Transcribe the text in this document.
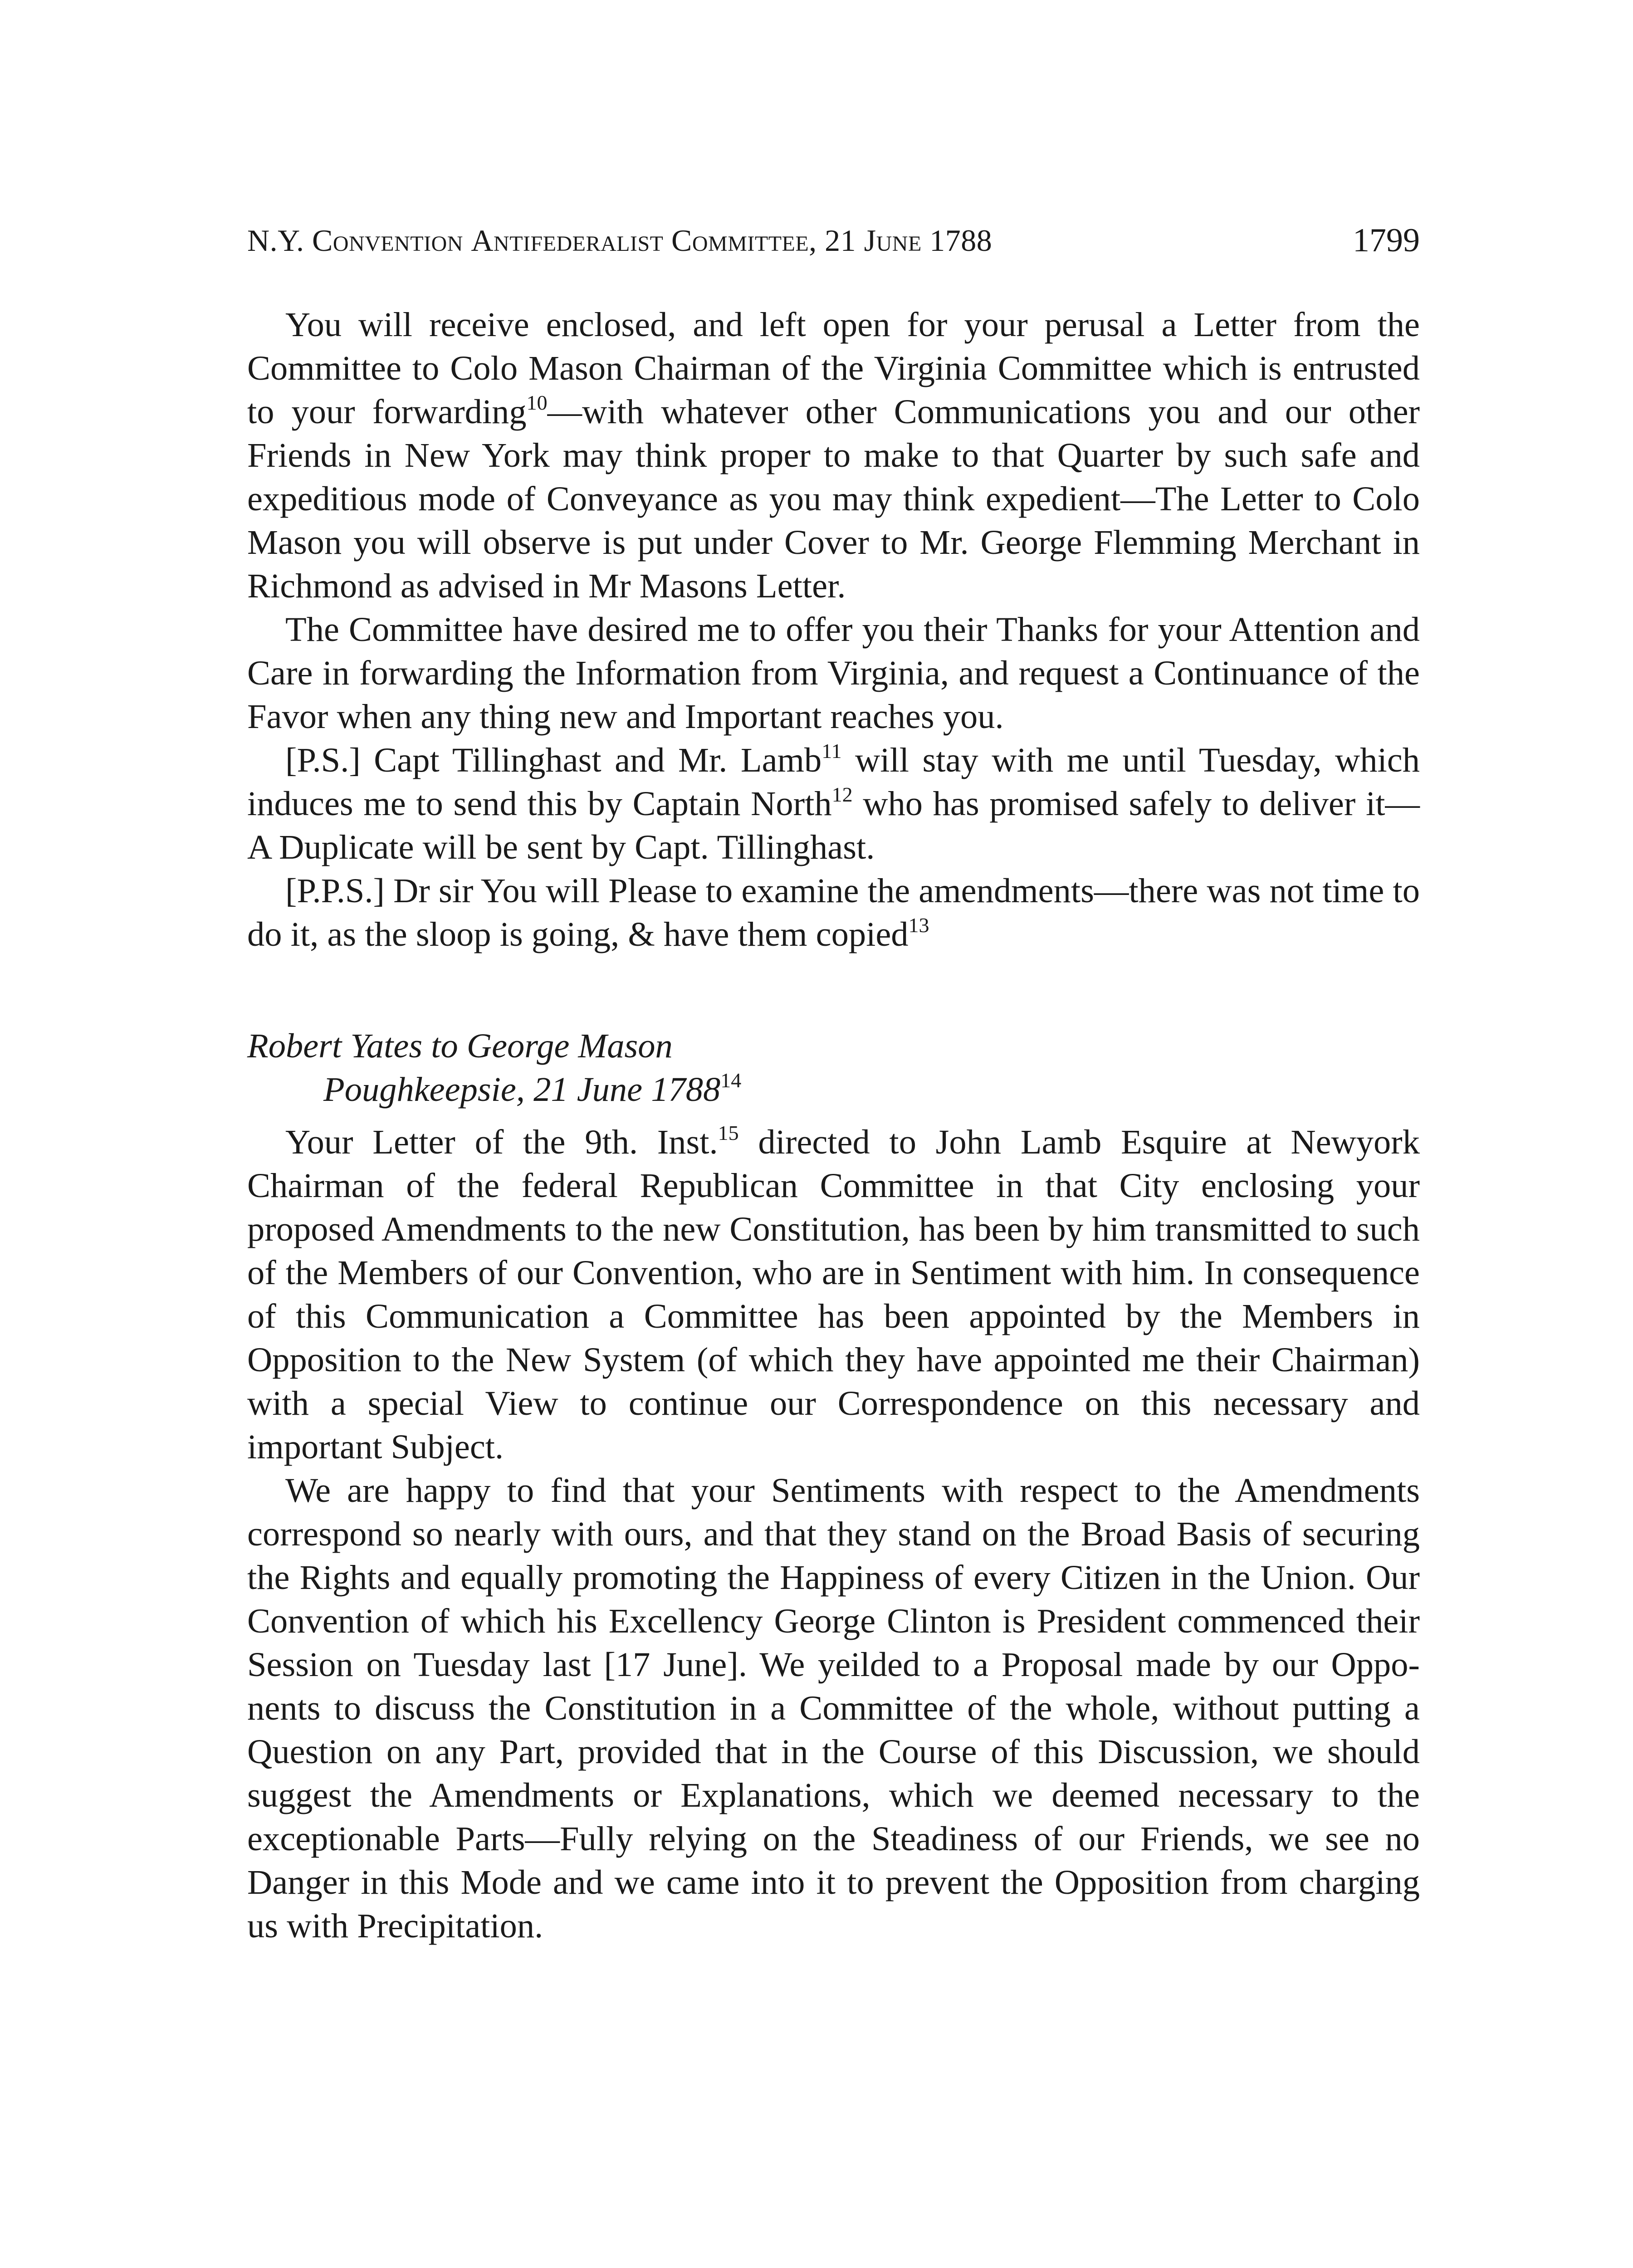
N.Y. Convention Antifederalist Committee, 21 June 1788	1799

You will receive enclosed, and left open for your perusal a Letter from the Committee to Colo Mason Chairman of the Virginia Committee which is entrusted to your forwarding$^{10}$—with whatever other Communications you and our other Friends in New York may think proper to make to that Quarter by such safe and expeditious mode of Conveyance as you may think expedient—The Letter to Colo Mason you will observe is put under Cover to Mr. George Flemming Merchant in Richmond as advised in Mr Masons Letter.

The Committee have desired me to offer you their Thanks for your Attention and Care in forwarding the Information from Virginia, and request a Continuance of the Favor when any thing new and Important reaches you.

[P.S.] Capt Tillinghast and Mr. Lamb$^{11}$ will stay with me until Tuesday, which induces me to send this by Captain North$^{12}$ who has promised safely to deliver it—A Duplicate will be sent by Capt. Tillinghast.

[P.P.S.] Dr sir You will Please to examine the amendments—there was not time to do it, as the sloop is going, & have them copied$^{13}$

Robert Yates to George Mason

Poughkeepsie, 21 June 1788$^{14}$

Your Letter of the 9th. Inst.$^{15}$ directed to John Lamb Esquire at Newyork Chairman of the federal Republican Committee in that City enclosing your proposed Amendments to the new Constitution, has been by him transmitted to such of the Members of our Convention, who are in Sentiment with him. In consequence of this Communication a Committee has been appointed by the Members in Opposition to the New System (of which they have appointed me their Chairman) with a special View to continue our Correspondence on this necessary and important Subject.

We are happy to find that your Sentiments with respect to the Amendments correspond so nearly with ours, and that they stand on the Broad Basis of securing the Rights and equally promoting the Happiness of every Citizen in the Union. Our Convention of which his Excellency George Clinton is President commenced their Session on Tuesday last [17 June]. We yeilded to a Proposal made by our Opponents to discuss the Constitution in a Committee of the whole, without putting a Question on any Part, provided that in the Course of this Discussion, we should suggest the Amendments or Explanations, which we deemed necessary to the exceptionable Parts—Fully relying on the Steadiness of our Friends, we see no Danger in this Mode and we came into it to prevent the Opposition from charging us with Precipitation.
